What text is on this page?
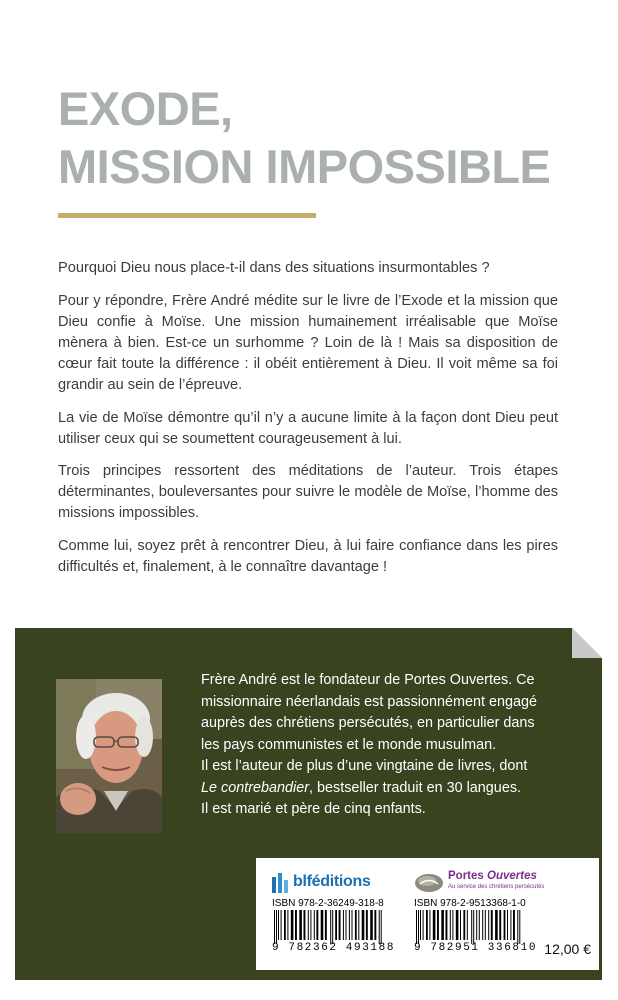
EXODE,
MISSION IMPOSSIBLE

Pourquoi Dieu nous place-t-il dans des situations insurmontables ?

Pour y répondre, Frère André médite sur le livre de l’Exode et la mission que Dieu confie à Moïse. Une mission humainement irréalisable que Moïse mènera à bien. Est-ce un surhomme ? Loin de là ! Mais sa disposition de cœur fait toute la différence : il obéit entièrement à Dieu. Il voit même sa foi grandir au sein de l’épreuve.

La vie de Moïse démontre qu’il n’y a aucune limite à la façon dont Dieu peut utiliser ceux qui se soumettent courageusement à lui.

Trois principes ressortent des méditations de l’auteur. Trois étapes déterminantes, bouleversantes pour suivre le modèle de Moïse, l’homme des missions impossibles.

Comme lui, soyez prêt à rencontrer Dieu, à lui faire confiance dans les pires difficultés et, finalement, à le connaître davantage !

Frère André est le fondateur de Portes Ouvertes. Ce
missionnaire néerlandais est passionnément engagé
auprès des chrétiens persécutés, en particulier dans
les pays communistes et le monde musulman.
Il est l’auteur de plus d’une vingtaine de livres, dont
Le contrebandier, bestseller traduit en 30 langues.
Il est marié et père de cinq enfants.
blféditions
ISBN 978-2-36249-318-8
9 782362 493188
Portes Ouvertes
Au service des chrétiens persécutés
ISBN 978-2-9513368-1-0
9 782951 336810 12,00 €
